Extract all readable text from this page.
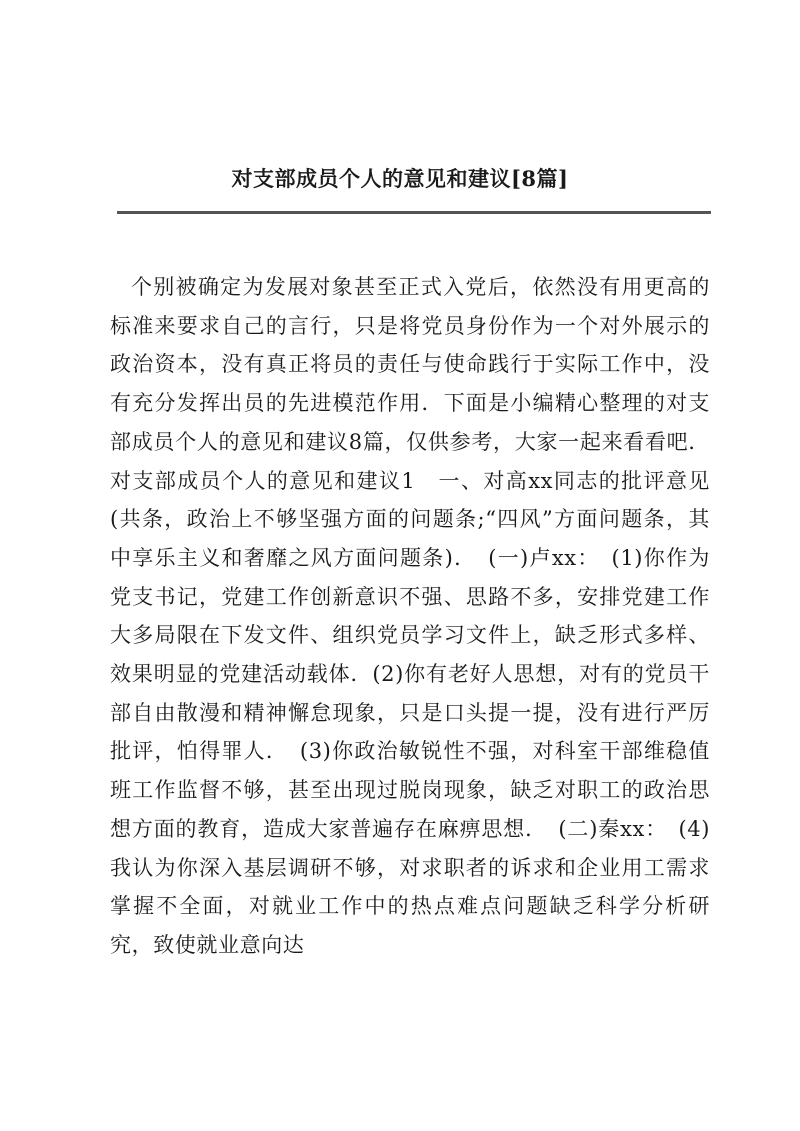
对支部成员个人的意见和建议[8篇]

个别被确定为发展对象甚至正式入党后，依然没有用更高的标准来要求自己的言行，只是将党员身份作为一个对外展示的政治资本，没有真正将员的责任与使命践行于实际工作中，没有充分发挥出员的先进模范作用．下面是小编精心整理的对支部成员个人的意见和建议8篇，仅供参考，大家一起来看看吧．对支部成员个人的意见和建议1　一、对高xx同志的批评意见(共条，政治上不够坚强方面的问题条;“四风”方面问题条，其中享乐主义和奢靡之风方面问题条)．　(一)卢xx：　(1)你作为党支书记，党建工作创新意识不强、思路不多，安排党建工作大多局限在下发文件、组织党员学习文件上，缺乏形式多样、效果明显的党建活动载体．(2)你有老好人思想，对有的党员干部自由散漫和精神懈怠现象，只是口头提一提，没有进行严厉批评，怕得罪人．　(3)你政治敏锐性不强，对科室干部维稳值班工作监督不够，甚至出现过脱岗现象，缺乏对职工的政治思想方面的教育，造成大家普遍存在麻痹思想．　(二)秦xx：　(4)我认为你深入基层调研不够，对求职者的诉求和企业用工需求掌握不全面，对就业工作中的热点难点问题缺乏科学分析研究，致使就业意向达
